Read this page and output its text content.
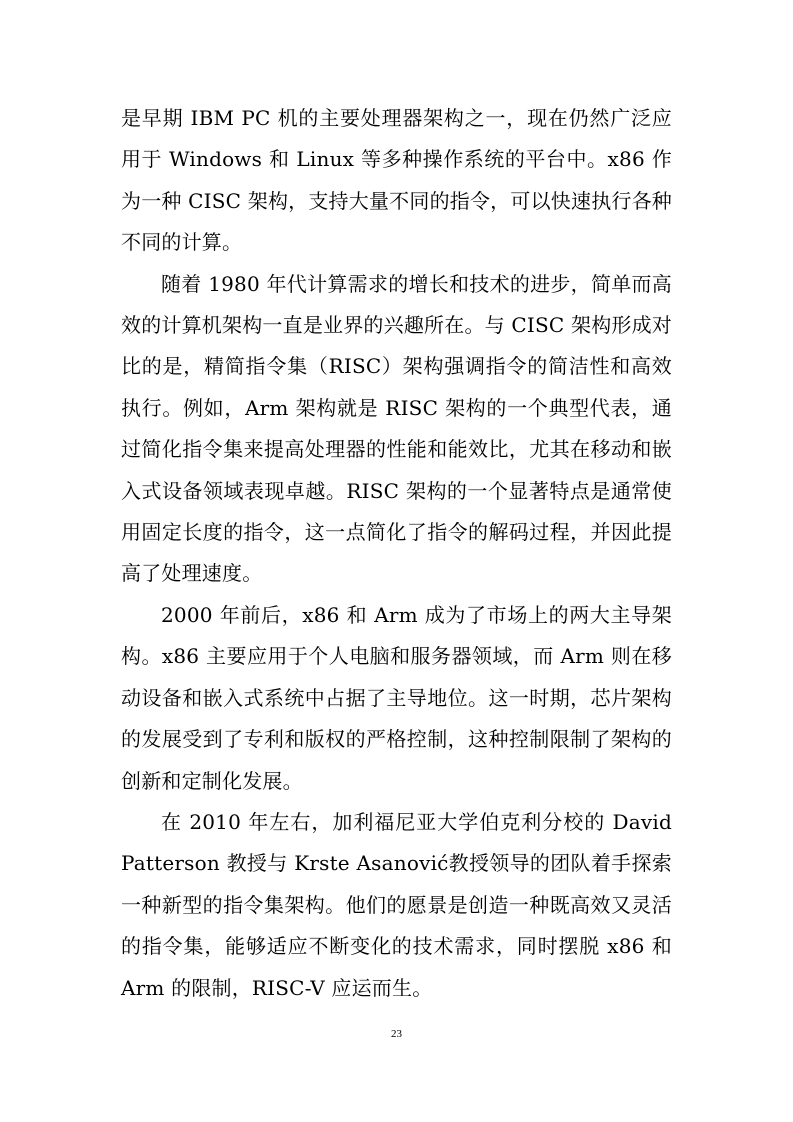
是早期 IBM PC 机的主要处理器架构之一，现在仍然广泛应用于 Windows 和 Linux 等多种操作系统的平台中。x86 作为一种 CISC 架构，支持大量不同的指令，可以快速执行各种不同的计算。

随着 1980 年代计算需求的增长和技术的进步，简单而高效的计算机架构一直是业界的兴趣所在。与 CISC 架构形成对比的是，精简指令集（RISC）架构强调指令的简洁性和高效执行。例如，Arm 架构就是 RISC 架构的一个典型代表，通过简化指令集来提高处理器的性能和能效比，尤其在移动和嵌入式设备领域表现卓越。RISC 架构的一个显著特点是通常使用固定长度的指令，这一点简化了指令的解码过程，并因此提高了处理速度。

2000 年前后，x86 和 Arm 成为了市场上的两大主导架构。x86 主要应用于个人电脑和服务器领域，而 Arm 则在移动设备和嵌入式系统中占据了主导地位。这一时期，芯片架构的发展受到了专利和版权的严格控制，这种控制限制了架构的创新和定制化发展。

在 2010 年左右，加利福尼亚大学伯克利分校的 David Patterson 教授与 Krste Asanović教授领导的团队着手探索一种新型的指令集架构。他们的愿景是创造一种既高效又灵活的指令集，能够适应不断变化的技术需求，同时摆脱 x86 和 Arm 的限制，RISC-V 应运而生。

23
